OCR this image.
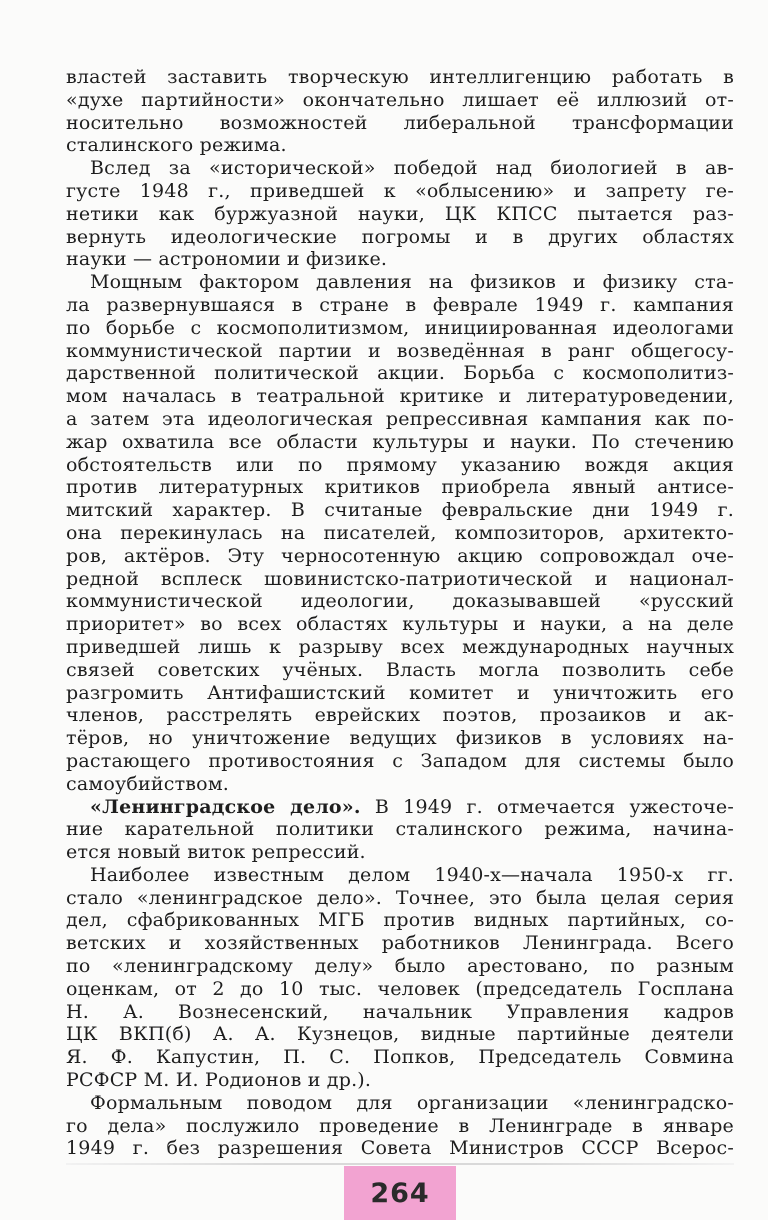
властей заставить творческую интеллигенцию работать в
«духе партийности» окончательно лишает её иллюзий от-
носительно возможностей либеральной трансформации
сталинского режима.
Вслед за «исторической» победой над биологией в ав-
густе 1948 г., приведшей к «облысению» и запрету ге-
нетики как буржуазной науки, ЦК КПСС пытается раз-
вернуть идеологические погромы и в других областях
науки — астрономии и физике.
Мощным фактором давления на физиков и физику ста-
ла развернувшаяся в стране в феврале 1949 г. кампания
по борьбе с космополитизмом, инициированная идеологами
коммунистической партии и возведённая в ранг общегосу-
дарственной политической акции. Борьба с космополитиз-
мом началась в театральной критике и литературоведении,
а затем эта идеологическая репрессивная кампания как по-
жар охватила все области культуры и науки. По стечению
обстоятельств или по прямому указанию вождя акция
против литературных критиков приобрела явный антисе-
митский характер. В считаные февральские дни 1949 г.
она перекинулась на писателей, композиторов, архитекто-
ров, актёров. Эту черносотенную акцию сопровождал оче-
редной всплеск шовинистско-патриотической и национал-
коммунистической идеологии, доказывавшей «русский
приоритет» во всех областях культуры и науки, а на деле
приведшей лишь к разрыву всех международных научных
связей советских учёных. Власть могла позволить себе
разгромить Антифашистский комитет и уничтожить его
членов, расстрелять еврейских поэтов, прозаиков и ак-
тёров, но уничтожение ведущих физиков в условиях на-
растающего противостояния с Западом для системы было
самоубийством.
«Ленинградское дело». В 1949 г. отмечается ужесточе-
ние карательной политики сталинского режима, начина-
ется новый виток репрессий.
Наиболее известным делом 1940-х—начала 1950-х гг.
стало «ленинградское дело». Точнее, это была целая серия
дел, сфабрикованных МГБ против видных партийных, со-
ветских и хозяйственных работников Ленинграда. Всего
по «ленинградскому делу» было арестовано, по разным
оценкам, от 2 до 10 тыс. человек (председатель Госплана
Н. А. Вознесенский, начальник Управления кадров
ЦК ВКП(б) А. А. Кузнецов, видные партийные деятели
Я. Ф. Капустин, П. С. Попков, Председатель Совмина
РСФСР М. И. Родионов и др.).
Формальным поводом для организации «ленинградско-
го дела» послужило проведение в Ленинграде в январе
1949 г. без разрешения Совета Министров СССР Всерос-
264
